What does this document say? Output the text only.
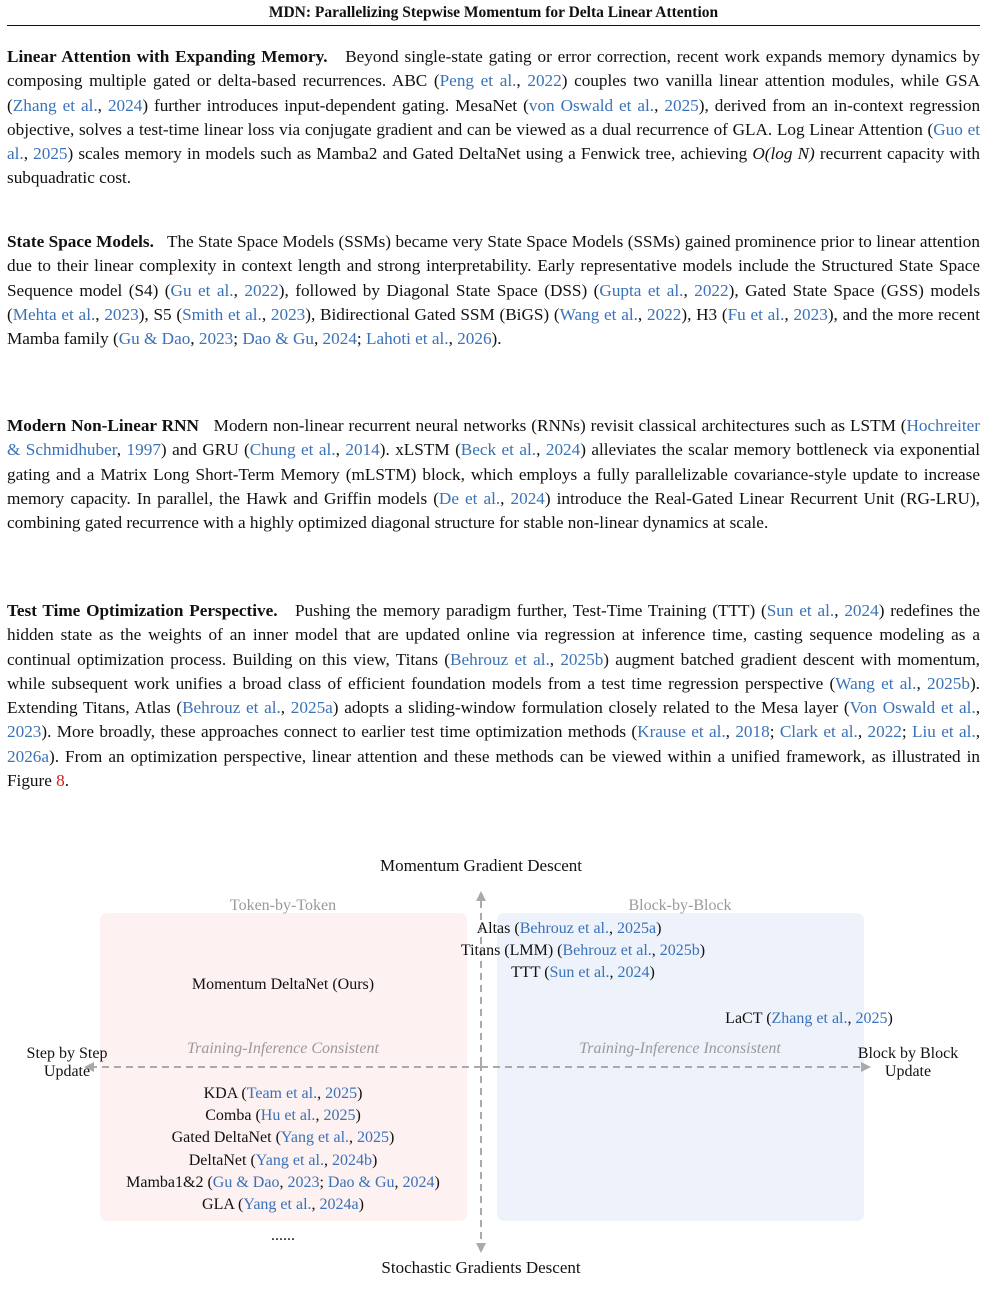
MDN: Parallelizing Stepwise Momentum for Delta Linear Attention

Linear Attention with Expanding Memory. Beyond single-state gating or error correction, recent work expands memory dynamics by composing multiple gated or delta-based recurrences. ABC (Peng et al., 2022) couples two vanilla linear attention modules, while GSA (Zhang et al., 2024) further introduces input-dependent gating. MesaNet (von Oswald et al., 2025), derived from an in-context regression objective, solves a test-time linear loss via conjugate gradient and can be viewed as a dual recurrence of GLA. Log Linear Attention (Guo et al., 2025) scales memory in models such as Mamba2 and Gated DeltaNet using a Fenwick tree, achieving O(log N) recurrent capacity with subquadratic cost.

State Space Models. The State Space Models (SSMs) became very State Space Models (SSMs) gained prominence prior to linear attention due to their linear complexity in context length and strong interpretability. Early representative models include the Structured State Space Sequence model (S4) (Gu et al., 2022), followed by Diagonal State Space (DSS) (Gupta et al., 2022), Gated State Space (GSS) models (Mehta et al., 2023), S5 (Smith et al., 2023), Bidirectional Gated SSM (BiGS) (Wang et al., 2022), H3 (Fu et al., 2023), and the more recent Mamba family (Gu & Dao, 2023; Dao & Gu, 2024; Lahoti et al., 2026).

Modern Non-Linear RNN Modern non-linear recurrent neural networks (RNNs) revisit classical architectures such as LSTM (Hochreiter & Schmidhuber, 1997) and GRU (Chung et al., 2014). xLSTM (Beck et al., 2024) alleviates the scalar memory bottleneck via exponential gating and a Matrix Long Short-Term Memory (mLSTM) block, which employs a fully parallelizable covariance-style update to increase memory capacity. In parallel, the Hawk and Griffin models (De et al., 2024) introduce the Real-Gated Linear Recurrent Unit (RG-LRU), combining gated recurrence with a highly optimized diagonal structure for stable non-linear dynamics at scale.

Test Time Optimization Perspective. Pushing the memory paradigm further, Test-Time Training (TTT) (Sun et al., 2024) redefines the hidden state as the weights of an inner model that are updated online via regression at inference time, casting sequence modeling as a continual optimization process. Building on this view, Titans (Behrouz et al., 2025b) augment batched gradient descent with momentum, while subsequent work unifies a broad class of efficient foundation models from a test time regression perspective (Wang et al., 2025b). Extending Titans, Atlas (Behrouz et al., 2025a) adopts a sliding-window formulation closely related to the Mesa layer (Von Oswald et al., 2023). More broadly, these approaches connect to earlier test time optimization methods (Krause et al., 2018; Clark et al., 2022; Liu et al., 2026a). From an optimization perspective, linear attention and these methods can be viewed within a unified framework, as illustrated in Figure 8.

Momentum Gradient Descent
Stochastic Gradients Descent
Step by Step
Update
Block by Block
Update
Token-by-Token	Block-by-Block
Training-Inference Consistent	Training-Inference Inconsistent
Momentum DeltaNet (Ours)
Altas (Behrouz et al., 2025a)
Titans (LMM) (Behrouz et al., 2025b)
TTT (Sun et al., 2024)
LaCT (Zhang et al., 2025)
KDA (Team et al., 2025)
Comba (Hu et al., 2025)
Gated DeltaNet (Yang et al., 2025)
DeltaNet (Yang et al., 2024b)
Mamba1&2 (Gu & Dao, 2023; Dao & Gu, 2024)
GLA (Yang et al., 2024a)
......
